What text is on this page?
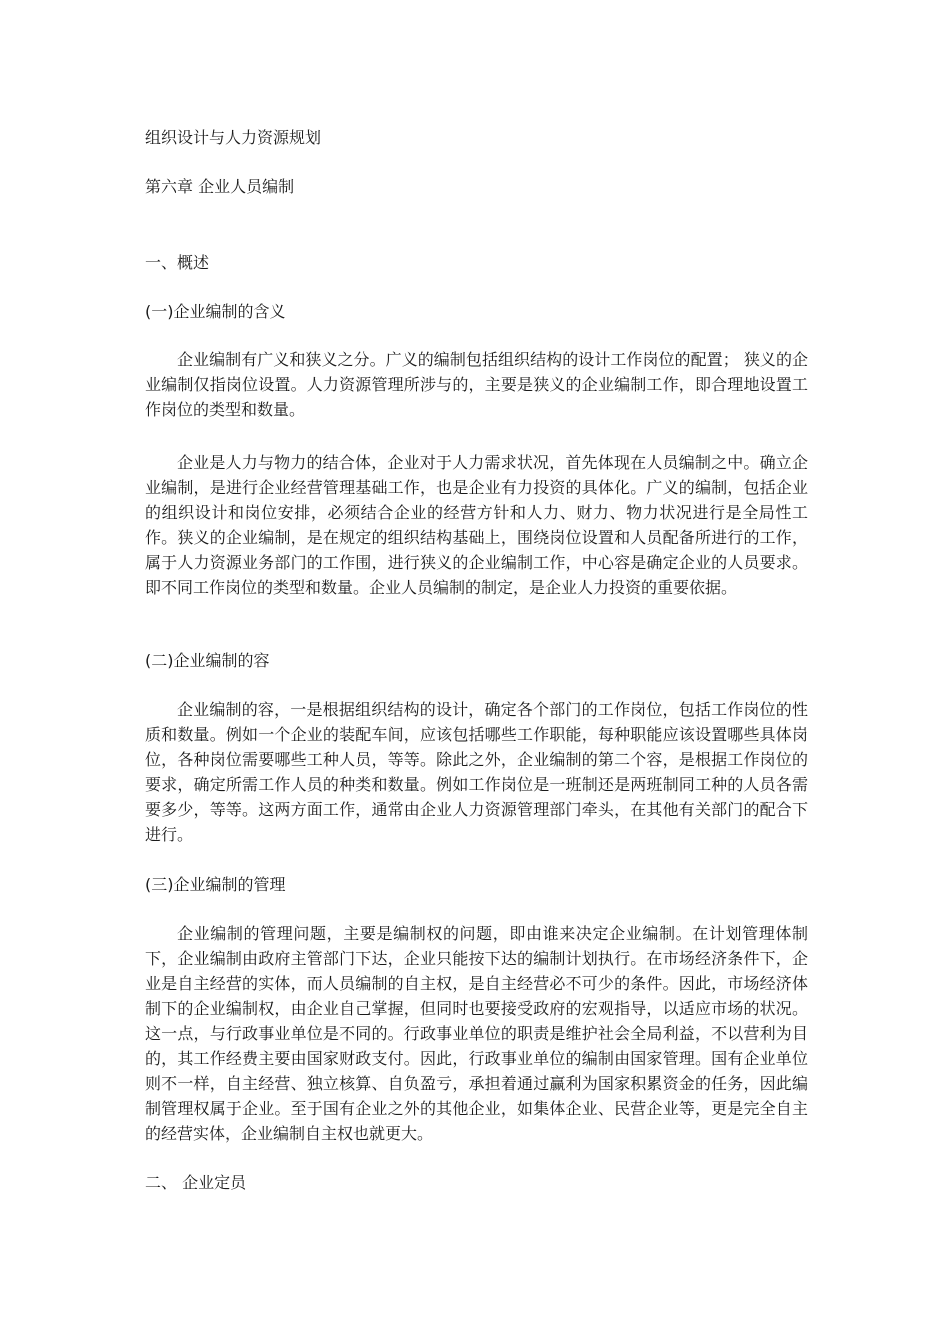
组织设计与人力资源规划
第六章 企业人员编制
一、概述
(一)企业编制的含义
企业编制有广义和狭义之分。广义的编制包括组织结构的设计工作岗位的配置； 狭义的企业编制仅指岗位设置。人力资源管理所涉与的，主要是狭义的企业编制工作，即合理地设置工作岗位的类型和数量。
企业是人力与物力的结合体，企业对于人力需求状况，首先体现在人员编制之中。确立企业编制，是进行企业经营管理基础工作，也是企业有力投资的具体化。广义的编制，包括企业的组织设计和岗位安排，必须结合企业的经营方针和人力、财力、物力状况进行是全局性工作。狭义的企业编制，是在规定的组织结构基础上，围绕岗位设置和人员配备所进行的工作，属于人力资源业务部门的工作围，进行狭义的企业编制工作，中心容是确定企业的人员要求。即不同工作岗位的类型和数量。企业人员编制的制定，是企业人力投资的重要依据。
(二)企业编制的容
企业编制的容，一是根据组织结构的设计，确定各个部门的工作岗位，包括工作岗位的性质和数量。例如一个企业的装配车间，应该包括哪些工作职能，每种职能应该设置哪些具体岗位，各种岗位需要哪些工种人员，等等。除此之外，企业编制的第二个容，是根据工作岗位的要求，确定所需工作人员的种类和数量。例如工作岗位是一班制还是两班制同工种的人员各需要多少，等等。这两方面工作，通常由企业人力资源管理部门牵头，在其他有关部门的配合下进行。
(三)企业编制的管理
企业编制的管理问题，主要是编制权的问题，即由谁来决定企业编制。在计划管理体制下，企业编制由政府主管部门下达，企业只能按下达的编制计划执行。在市场经济条件下，企业是自主经营的实体，而人员编制的自主权，是自主经营必不可少的条件。因此，市场经济体制下的企业编制权，由企业自己掌握，但同时也要接受政府的宏观指导，以适应市场的状况。这一点，与行政事业单位是不同的。行政事业单位的职责是维护社会全局利益，不以营利为目的，其工作经费主要由国家财政支付。因此，行政事业单位的编制由国家管理。国有企业单位则不一样，自主经营、独立核算、自负盈亏，承担着通过赢利为国家积累资金的任务，因此编制管理权属于企业。至于国有企业之外的其他企业，如集体企业、民营企业等，更是完全自主的经营实体，企业编制自主权也就更大。
二、 企业定员
